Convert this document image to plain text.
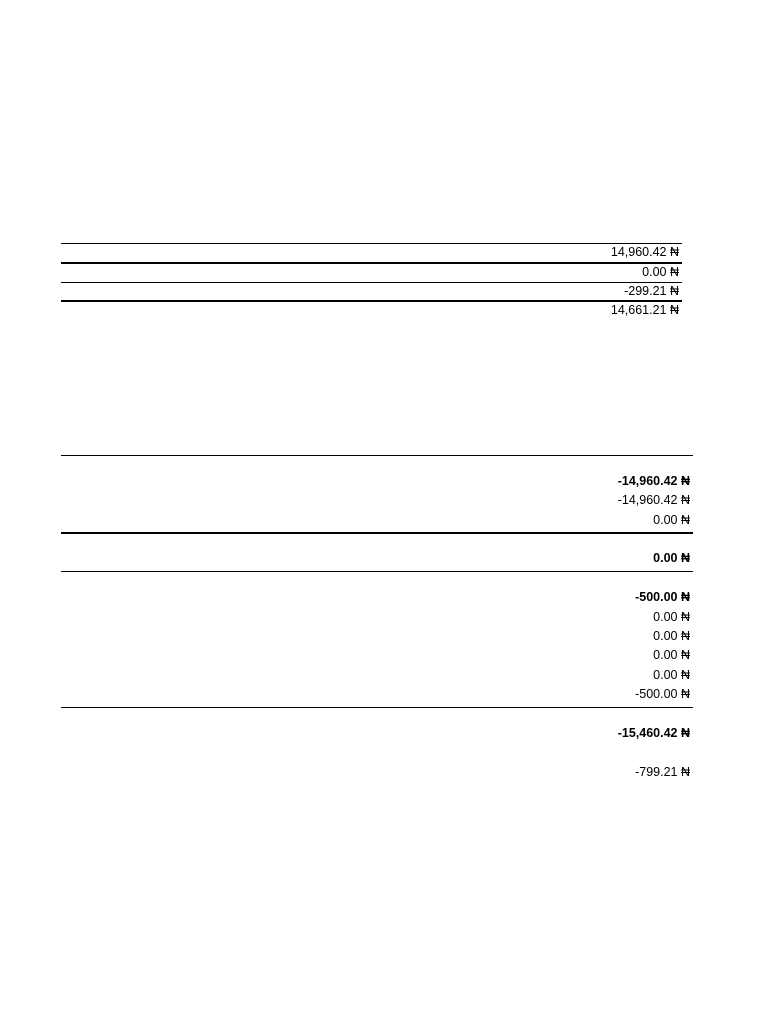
14,960.42 ₦
0.00 ₦
-299.21 ₦
14,661.21 ₦
-14,960.42 ₦
-14,960.42 ₦
0.00 ₦
0.00 ₦
-500.00 ₦
0.00 ₦
0.00 ₦
0.00 ₦
0.00 ₦
-500.00 ₦
-15,460.42 ₦
-799.21 ₦
